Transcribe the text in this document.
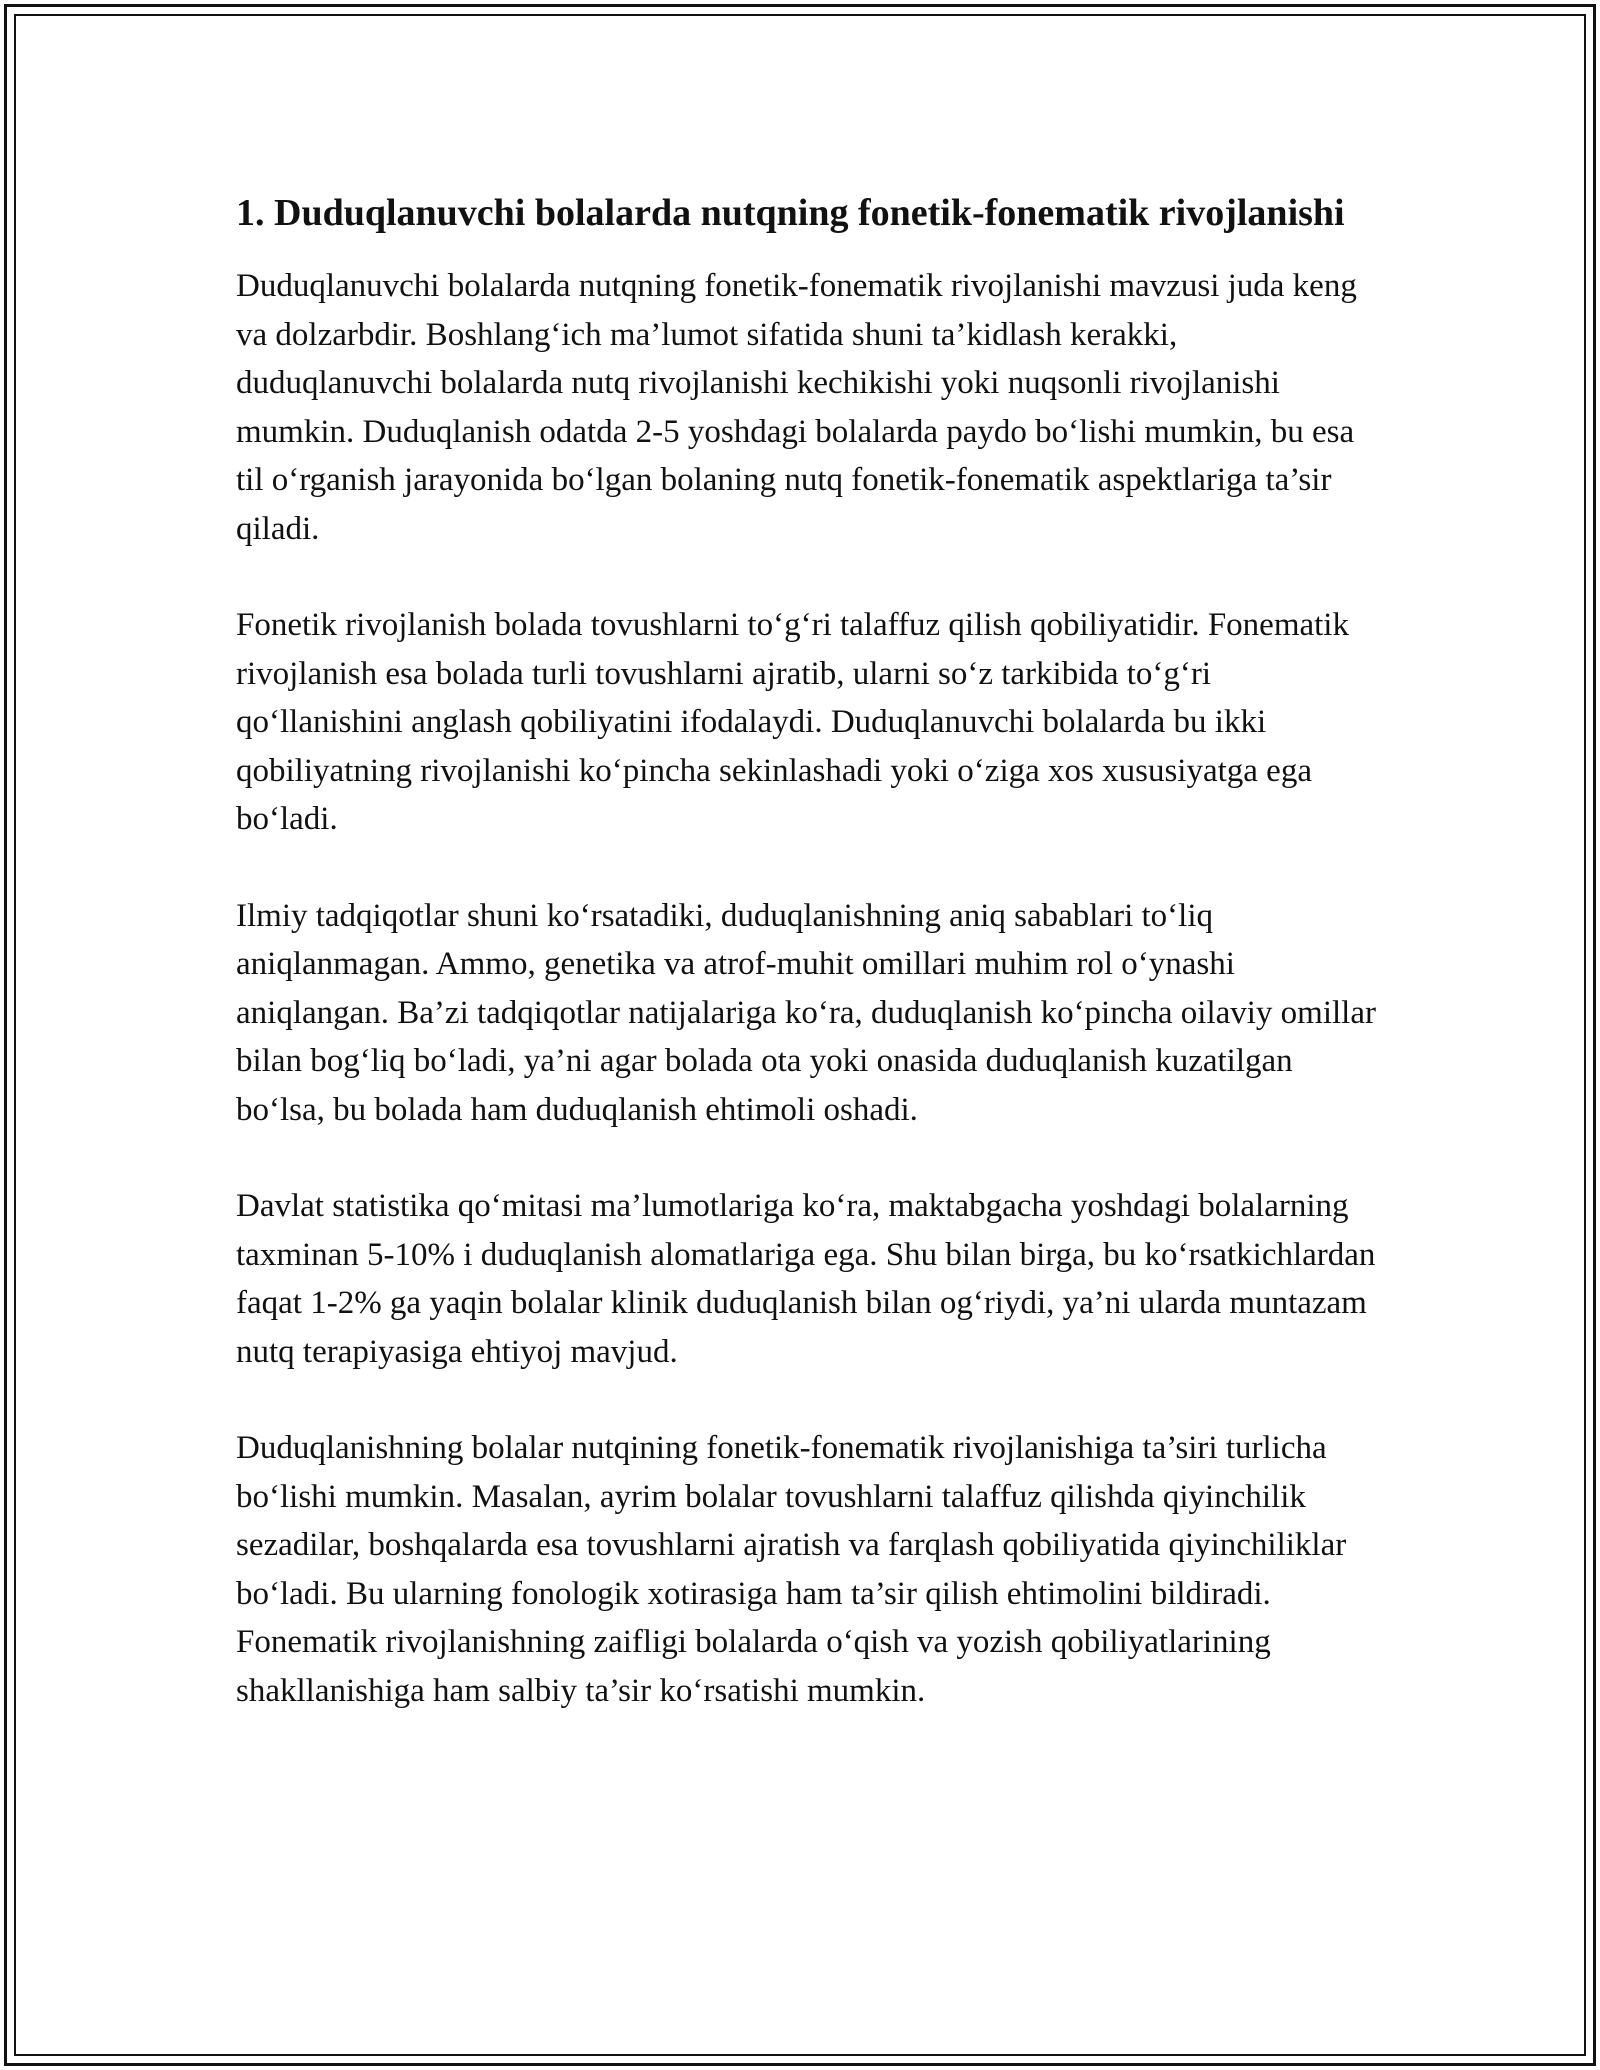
1. Duduqlanuvchi bolalarda nutqning fonetik-fonematik rivojlanishi

Duduqlanuvchi bolalarda nutqning fonetik-fonematik rivojlanishi mavzusi juda keng va dolzarbdir. Boshlang‘ich ma’lumot sifatida shuni ta’kidlash kerakki, duduqlanuvchi bolalarda nutq rivojlanishi kechikishi yoki nuqsonli rivojlanishi mumkin. Duduqlanish odatda 2-5 yoshdagi bolalarda paydo bo‘lishi mumkin, bu esa til o‘rganish jarayonida bo‘lgan bolaning nutq fonetik-fonematik aspektlariga ta’sir qiladi.

Fonetik rivojlanish bolada tovushlarni to‘g‘ri talaffuz qilish qobiliyatidir. Fonematik rivojlanish esa bolada turli tovushlarni ajratib, ularni so‘z tarkibida to‘g‘ri qo‘llanishini anglash qobiliyatini ifodalaydi. Duduqlanuvchi bolalarda bu ikki qobiliyatning rivojlanishi ko‘pincha sekinlashadi yoki o‘ziga xos xususiyatga ega bo‘ladi.

Ilmiy tadqiqotlar shuni ko‘rsatadiki, duduqlanishning aniq sabablari to‘liq aniqlanmagan. Ammo, genetika va atrof-muhit omillari muhim rol o‘ynashi aniqlangan. Ba’zi tadqiqotlar natijalariga ko‘ra, duduqlanish ko‘pincha oilaviy omillar bilan bog‘liq bo‘ladi, ya’ni agar bolada ota yoki onasida duduqlanish kuzatilgan bo‘lsa, bu bolada ham duduqlanish ehtimoli oshadi.

Davlat statistika qo‘mitasi ma’lumotlariga ko‘ra, maktabgacha yoshdagi bolalarning taxminan 5-10% i duduqlanish alomatlariga ega. Shu bilan birga, bu ko‘rsatkichlardan faqat 1-2% ga yaqin bolalar klinik duduqlanish bilan og‘riydi, ya’ni ularda muntazam nutq terapiyasiga ehtiyoj mavjud.

Duduqlanishning bolalar nutqining fonetik-fonematik rivojlanishiga ta’siri turlicha bo‘lishi mumkin. Masalan, ayrim bolalar tovushlarni talaffuz qilishda qiyinchilik sezadilar, boshqalarda esa tovushlarni ajratish va farqlash qobiliyatida qiyinchiliklar bo‘ladi. Bu ularning fonologik xotirasiga ham ta’sir qilish ehtimolini bildiradi. Fonematik rivojlanishning zaifligi bolalarda o‘qish va yozish qobiliyatlarining shakllanishiga ham salbiy ta’sir ko‘rsatishi mumkin.
